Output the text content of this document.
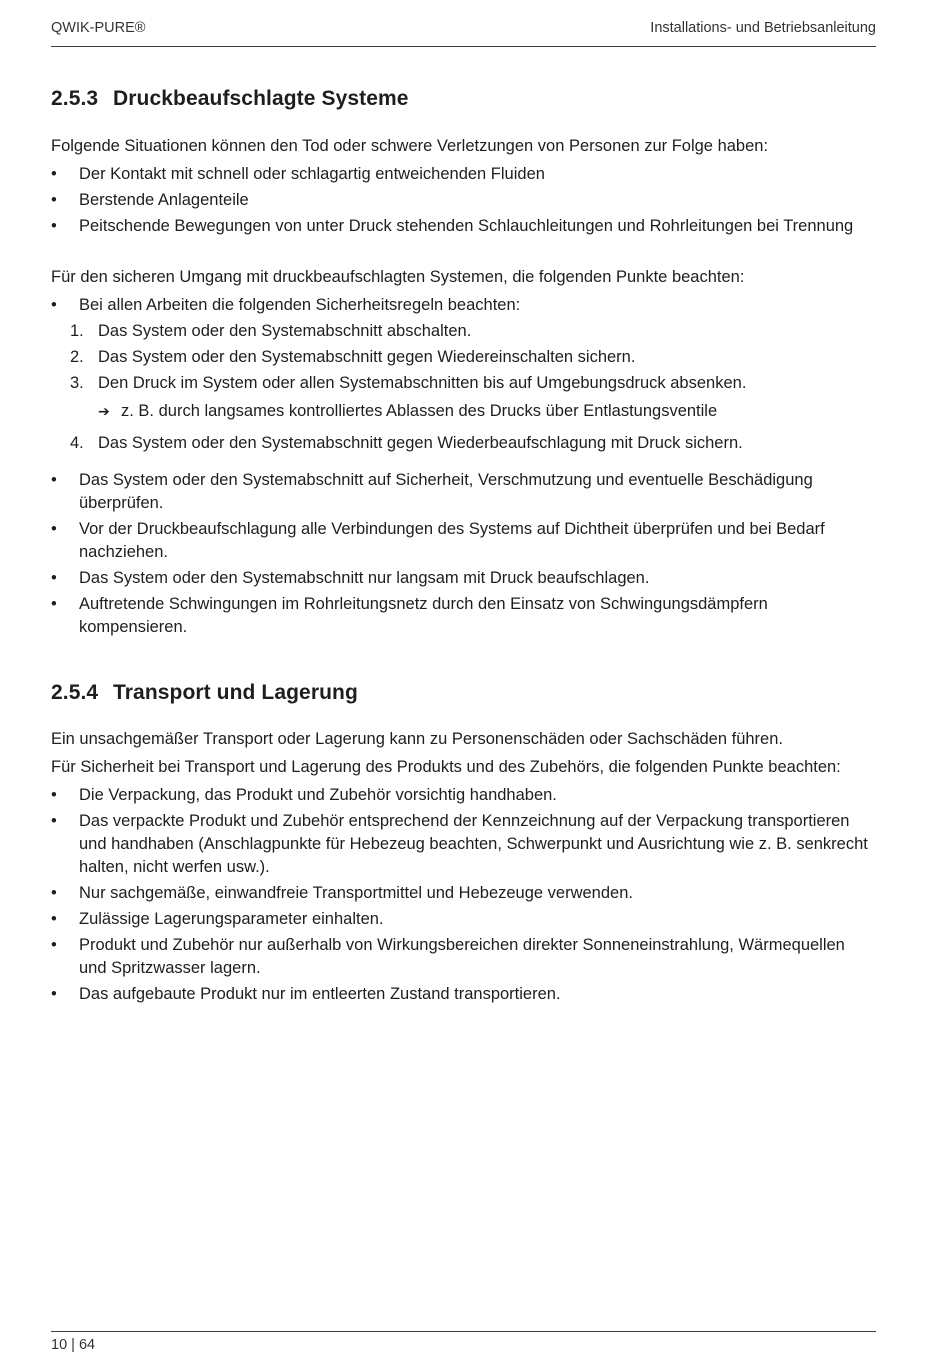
QWIK-PURE®	Installations- und Betriebsanleitung
2.5.3 Druckbeaufschlagte Systeme

Folgende Situationen können den Tod oder schwere Verletzungen von Personen zur Folge haben:

• Der Kontakt mit schnell oder schlagartig entweichenden Fluiden
• Berstende Anlagenteile
• Peitschende Bewegungen von unter Druck stehenden Schlauchleitungen und Rohrleitungen bei Trennung

Für den sicheren Umgang mit druckbeaufschlagten Systemen, die folgenden Punkte beachten:

• Bei allen Arbeiten die folgenden Sicherheitsregeln beachten:
1. Das System oder den Systemabschnitt abschalten.
2. Das System oder den Systemabschnitt gegen Wiedereinschalten sichern.
3. Den Druck im System oder allen Systemabschnitten bis auf Umgebungsdruck absenken.
➔ z. B. durch langsames kontrolliertes Ablassen des Drucks über Entlastungsventile
4. Das System oder den Systemabschnitt gegen Wiederbeaufschlagung mit Druck sichern.
• Das System oder den Systemabschnitt auf Sicherheit, Verschmutzung und eventuelle Beschädigung überprüfen.
• Vor der Druckbeaufschlagung alle Verbindungen des Systems auf Dichtheit überprüfen und bei Bedarf nachziehen.
• Das System oder den Systemabschnitt nur langsam mit Druck beaufschlagen.
• Auftretende Schwingungen im Rohrleitungsnetz durch den Einsatz von Schwingungsdämpfern kompensieren.
2.5.4 Transport und Lagerung

Ein unsachgemäßer Transport oder Lagerung kann zu Personenschäden oder Sachschäden führen.

Für Sicherheit bei Transport und Lagerung des Produkts und des Zubehörs, die folgenden Punkte beachten:

• Die Verpackung, das Produkt und Zubehör vorsichtig handhaben.
• Das verpackte Produkt und Zubehör entsprechend der Kennzeichnung auf der Verpackung transportieren und handhaben (Anschlagpunkte für Hebezeug beachten, Schwerpunkt und Ausrichtung wie z. B. senkrecht halten, nicht werfen usw.).
• Nur sachgemäße, einwandfreie Transportmittel und Hebezeuge verwenden.
• Zulässige Lagerungsparameter einhalten.
• Produkt und Zubehör nur außerhalb von Wirkungsbereichen direkter Sonneneinstrahlung, Wärmequellen und Spritzwasser lagern.
• Das aufgebaute Produkt nur im entleerten Zustand transportieren.
10 | 64
